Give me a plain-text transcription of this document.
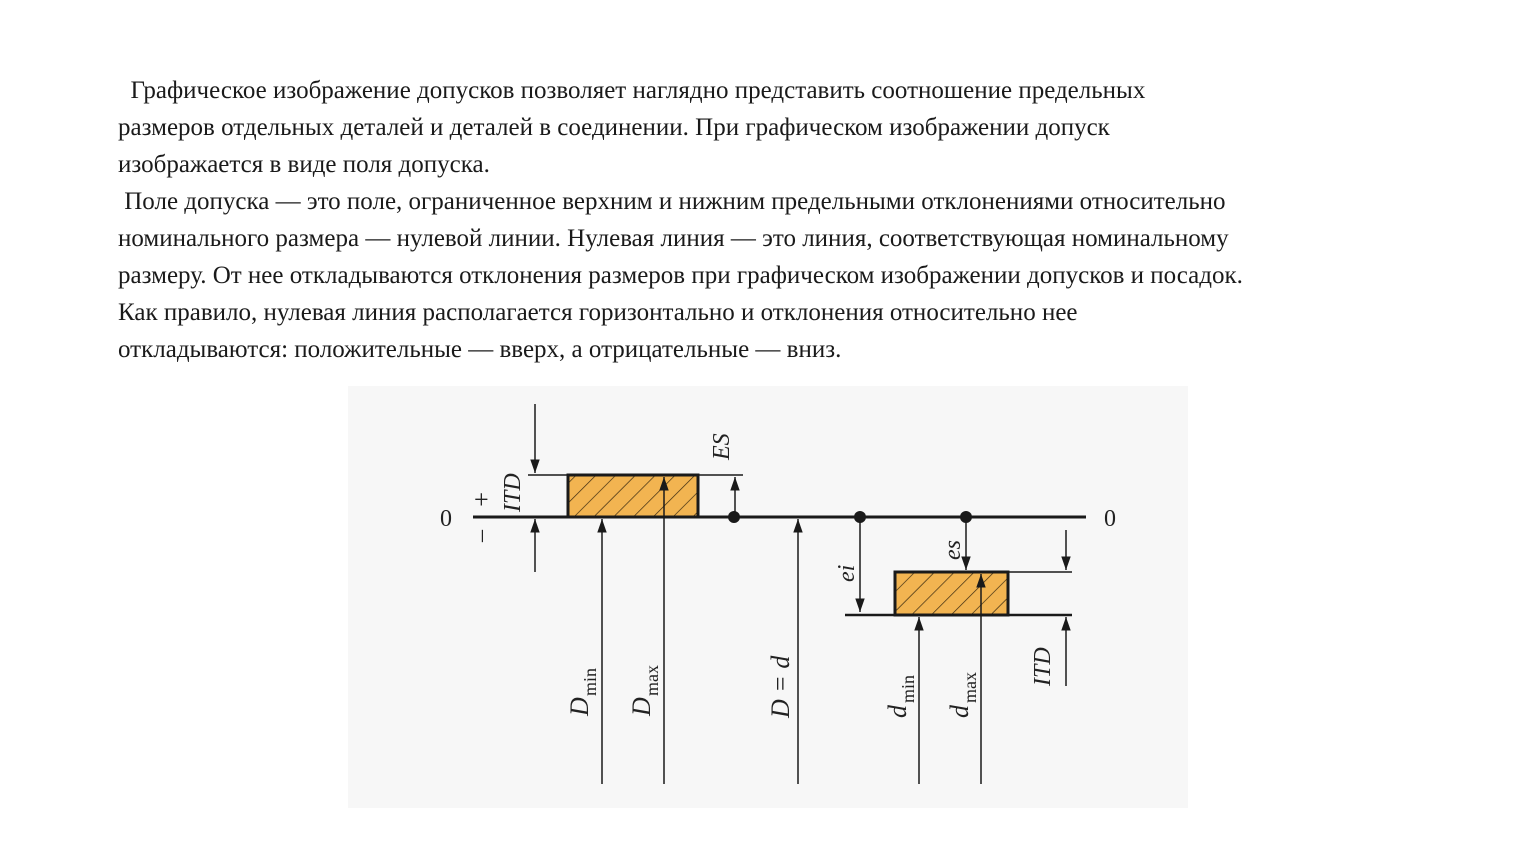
Графическое изображение допусков позволяет наглядно представить соотношение предельных
размеров отдельных деталей и деталей в соединении. При графическом изображении допуск
изображается в виде поля допуска.

Поле допуска — это поле, ограниченное верхним и нижним предельными отклонениями относительно
номинального размера — нулевой линии. Нулевая линия — это линия, соответствующая номинальному
размеру. От нее откладываются отклонения размеров при графическом изображении допусков и посадок.
Как правило, нулевая линия располагается горизонтально и отклонения относительно нее
откладываются: положительные — вверх, а отрицательные — вниз.

0	0
+
–
ITD
ES
D
min
D
max	D = d
ei
es
ITD
d
min
d
max
